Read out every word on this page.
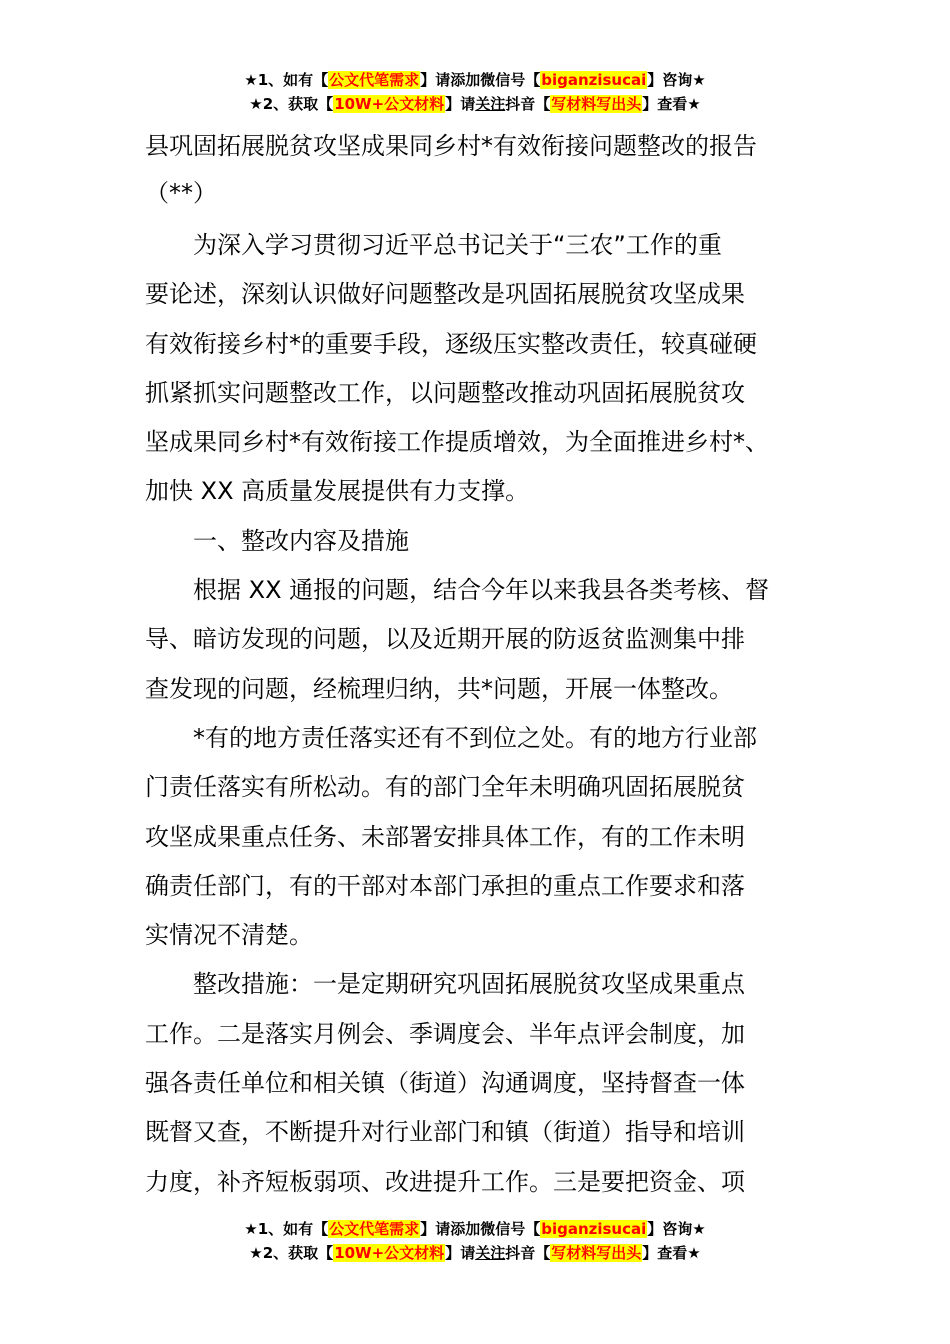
★1、如有【公文代笔需求】请添加微信号【biganzisucai】咨询★
★2、获取【10W+公文材料】请关注抖音【写材料写出头】查看★
县巩固拓展脱贫攻坚成果同乡村*有效衔接问题整改的报告
（**）

　　为深入学习贯彻习近平总书记关于“三农”工作的重

要论述，深刻认识做好问题整改是巩固拓展脱贫攻坚成果

有效衔接乡村*的重要手段，逐级压实整改责任，较真碰硬

抓紧抓实问题整改工作，以问题整改推动巩固拓展脱贫攻

坚成果同乡村*有效衔接工作提质增效，为全面推进乡村*、

加快 XX 高质量发展提供有力支撑。

　　一、整改内容及措施

　　根据 XX 通报的问题，结合今年以来我县各类考核、督

导、暗访发现的问题，以及近期开展的防返贫监测集中排

查发现的问题，经梳理归纳，共*问题，开展一体整改。

　　*有的地方责任落实还有不到位之处。有的地方行业部

门责任落实有所松动。有的部门全年未明确巩固拓展脱贫

攻坚成果重点任务、未部署安排具体工作，有的工作未明

确责任部门，有的干部对本部门承担的重点工作要求和落

实情况不清楚。

　　整改措施：一是定期研究巩固拓展脱贫攻坚成果重点

工作。二是落实月例会、季调度会、半年点评会制度，加

强各责任单位和相关镇（街道）沟通调度，坚持督查一体

既督又查，不断提升对行业部门和镇（街道）指导和培训

力度，补齐短板弱项、改进提升工作。三是要把资金、项

★1、如有【公文代笔需求】请添加微信号【biganzisucai】咨询★
★2、获取【10W+公文材料】请关注抖音【写材料写出头】查看★
